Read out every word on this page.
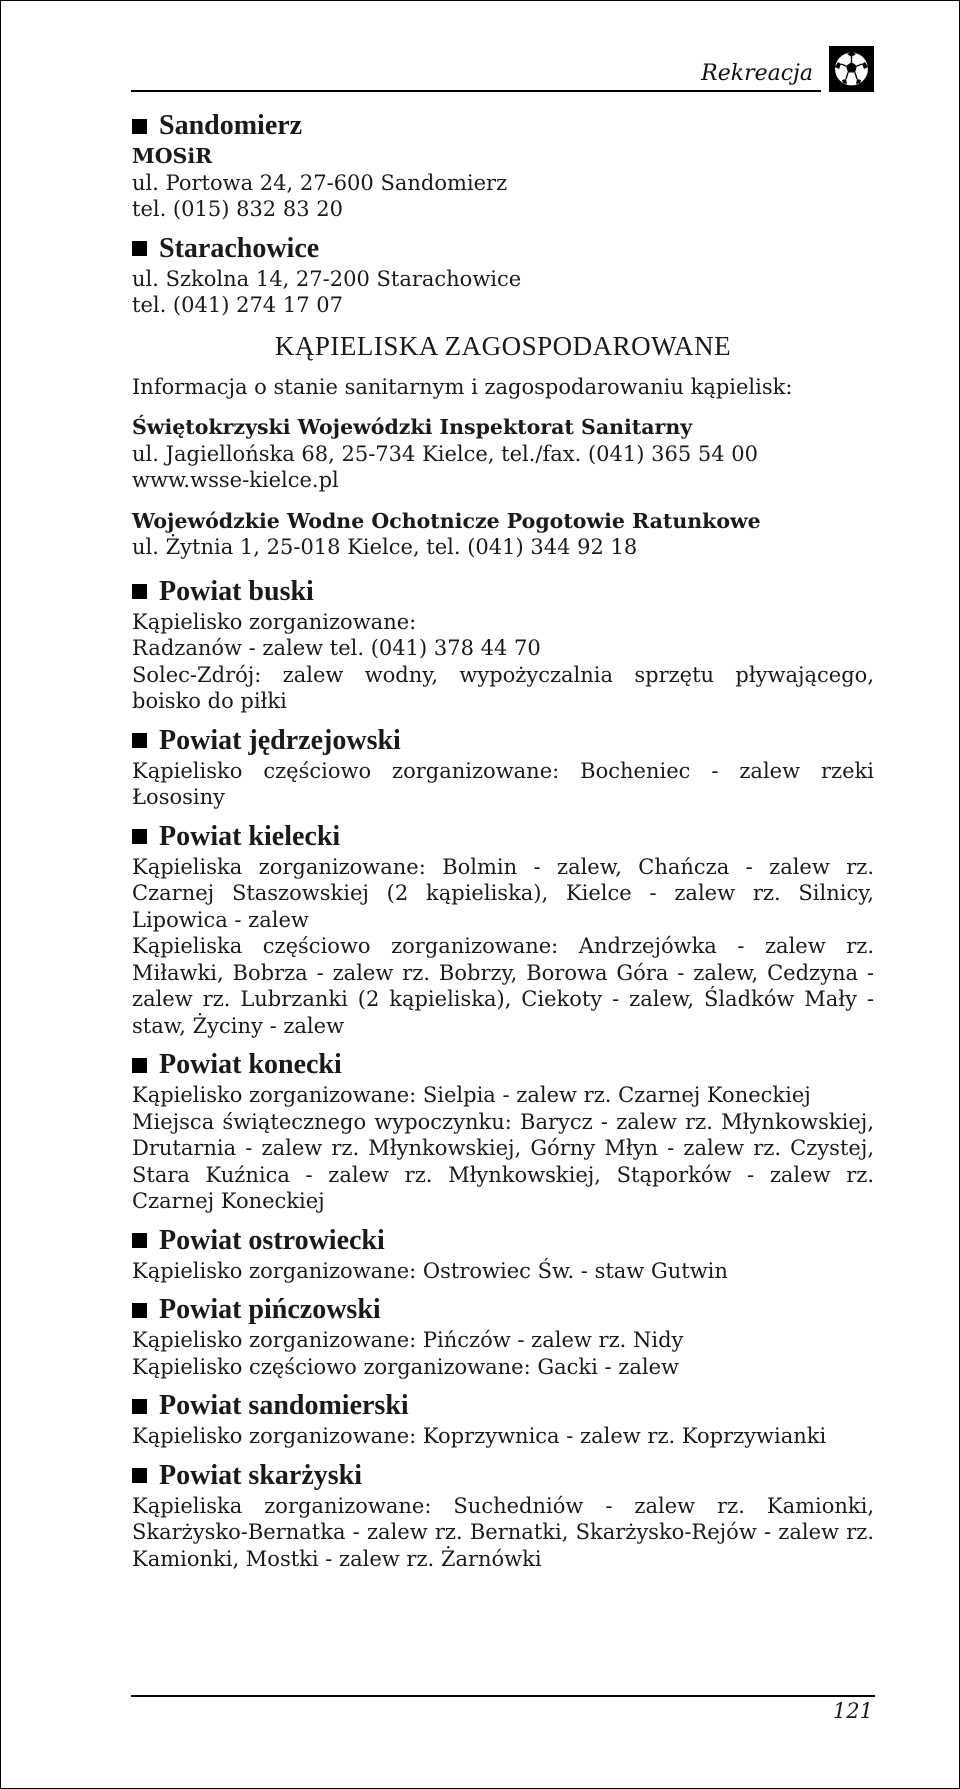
Rekreacja
Sandomierz

MOSiR

ul. Portowa 24, 27-600 Sandomierz

tel. (015) 832 83 20

Starachowice

ul. Szkolna 14, 27-200 Starachowice

tel. (041) 274 17 07

KĄPIELISKA ZAGOSPODAROWANE

Informacja o stanie sanitarnym i zagospodarowaniu kąpielisk:

Świętokrzyski Wojewódzki Inspektorat Sanitarny

ul. Jagiellońska 68, 25-734 Kielce, tel./fax. (041) 365 54 00

www.wsse-kielce.pl

Wojewódzkie Wodne Ochotnicze Pogotowie Ratunkowe

ul. Żytnia 1, 25-018 Kielce, tel. (041) 344 92 18

Powiat buski

Kąpielisko zorganizowane:

Radzanów - zalew tel. (041) 378 44 70

Solec-Zdrój: zalew wodny, wypożyczalnia sprzętu pływającego, boisko do piłki

Powiat jędrzejowski

Kąpielisko częściowo zorganizowane: Bocheniec - zalew rzeki Łososiny

Powiat kielecki

Kąpieliska zorganizowane: Bolmin - zalew, Chańcza - zalew rz. Czarnej Staszowskiej (2 kąpieliska), Kielce - zalew rz. Silnicy, Lipowica - zalew

Kąpieliska częściowo zorganizowane: Andrzejówka - zalew rz. Miławki, Bobrza - zalew rz. Bobrzy, Borowa Góra - zalew, Cedzyna - zalew rz. Lubrzanki (2 kąpieliska), Ciekoty - zalew, Śladków Mały - staw, Życiny - zalew

Powiat konecki

Kąpielisko zorganizowane: Sielpia - zalew rz. Czarnej Koneckiej

Miejsca świątecznego wypoczynku: Barycz - zalew rz. Młynkowskiej, Drutarnia - zalew rz. Młynkowskiej, Górny Młyn - zalew rz. Czystej, Stara Kuźnica - zalew rz. Młynkowskiej, Stąporków - zalew rz. Czarnej Koneckiej

Powiat ostrowiecki

Kąpielisko zorganizowane: Ostrowiec Św. - staw Gutwin

Powiat pińczowski

Kąpielisko zorganizowane: Pińczów - zalew rz. Nidy

Kąpielisko częściowo zorganizowane: Gacki - zalew

Powiat sandomierski

Kąpielisko zorganizowane: Koprzywnica - zalew rz. Koprzywianki

Powiat skarżyski

Kąpieliska zorganizowane: Suchedniów - zalew rz. Kamionki, Skarżysko-Bernatka - zalew rz. Bernatki, Skarżysko-Rejów - zalew rz. Kamionki, Mostki - zalew rz. Żarnówki

121
